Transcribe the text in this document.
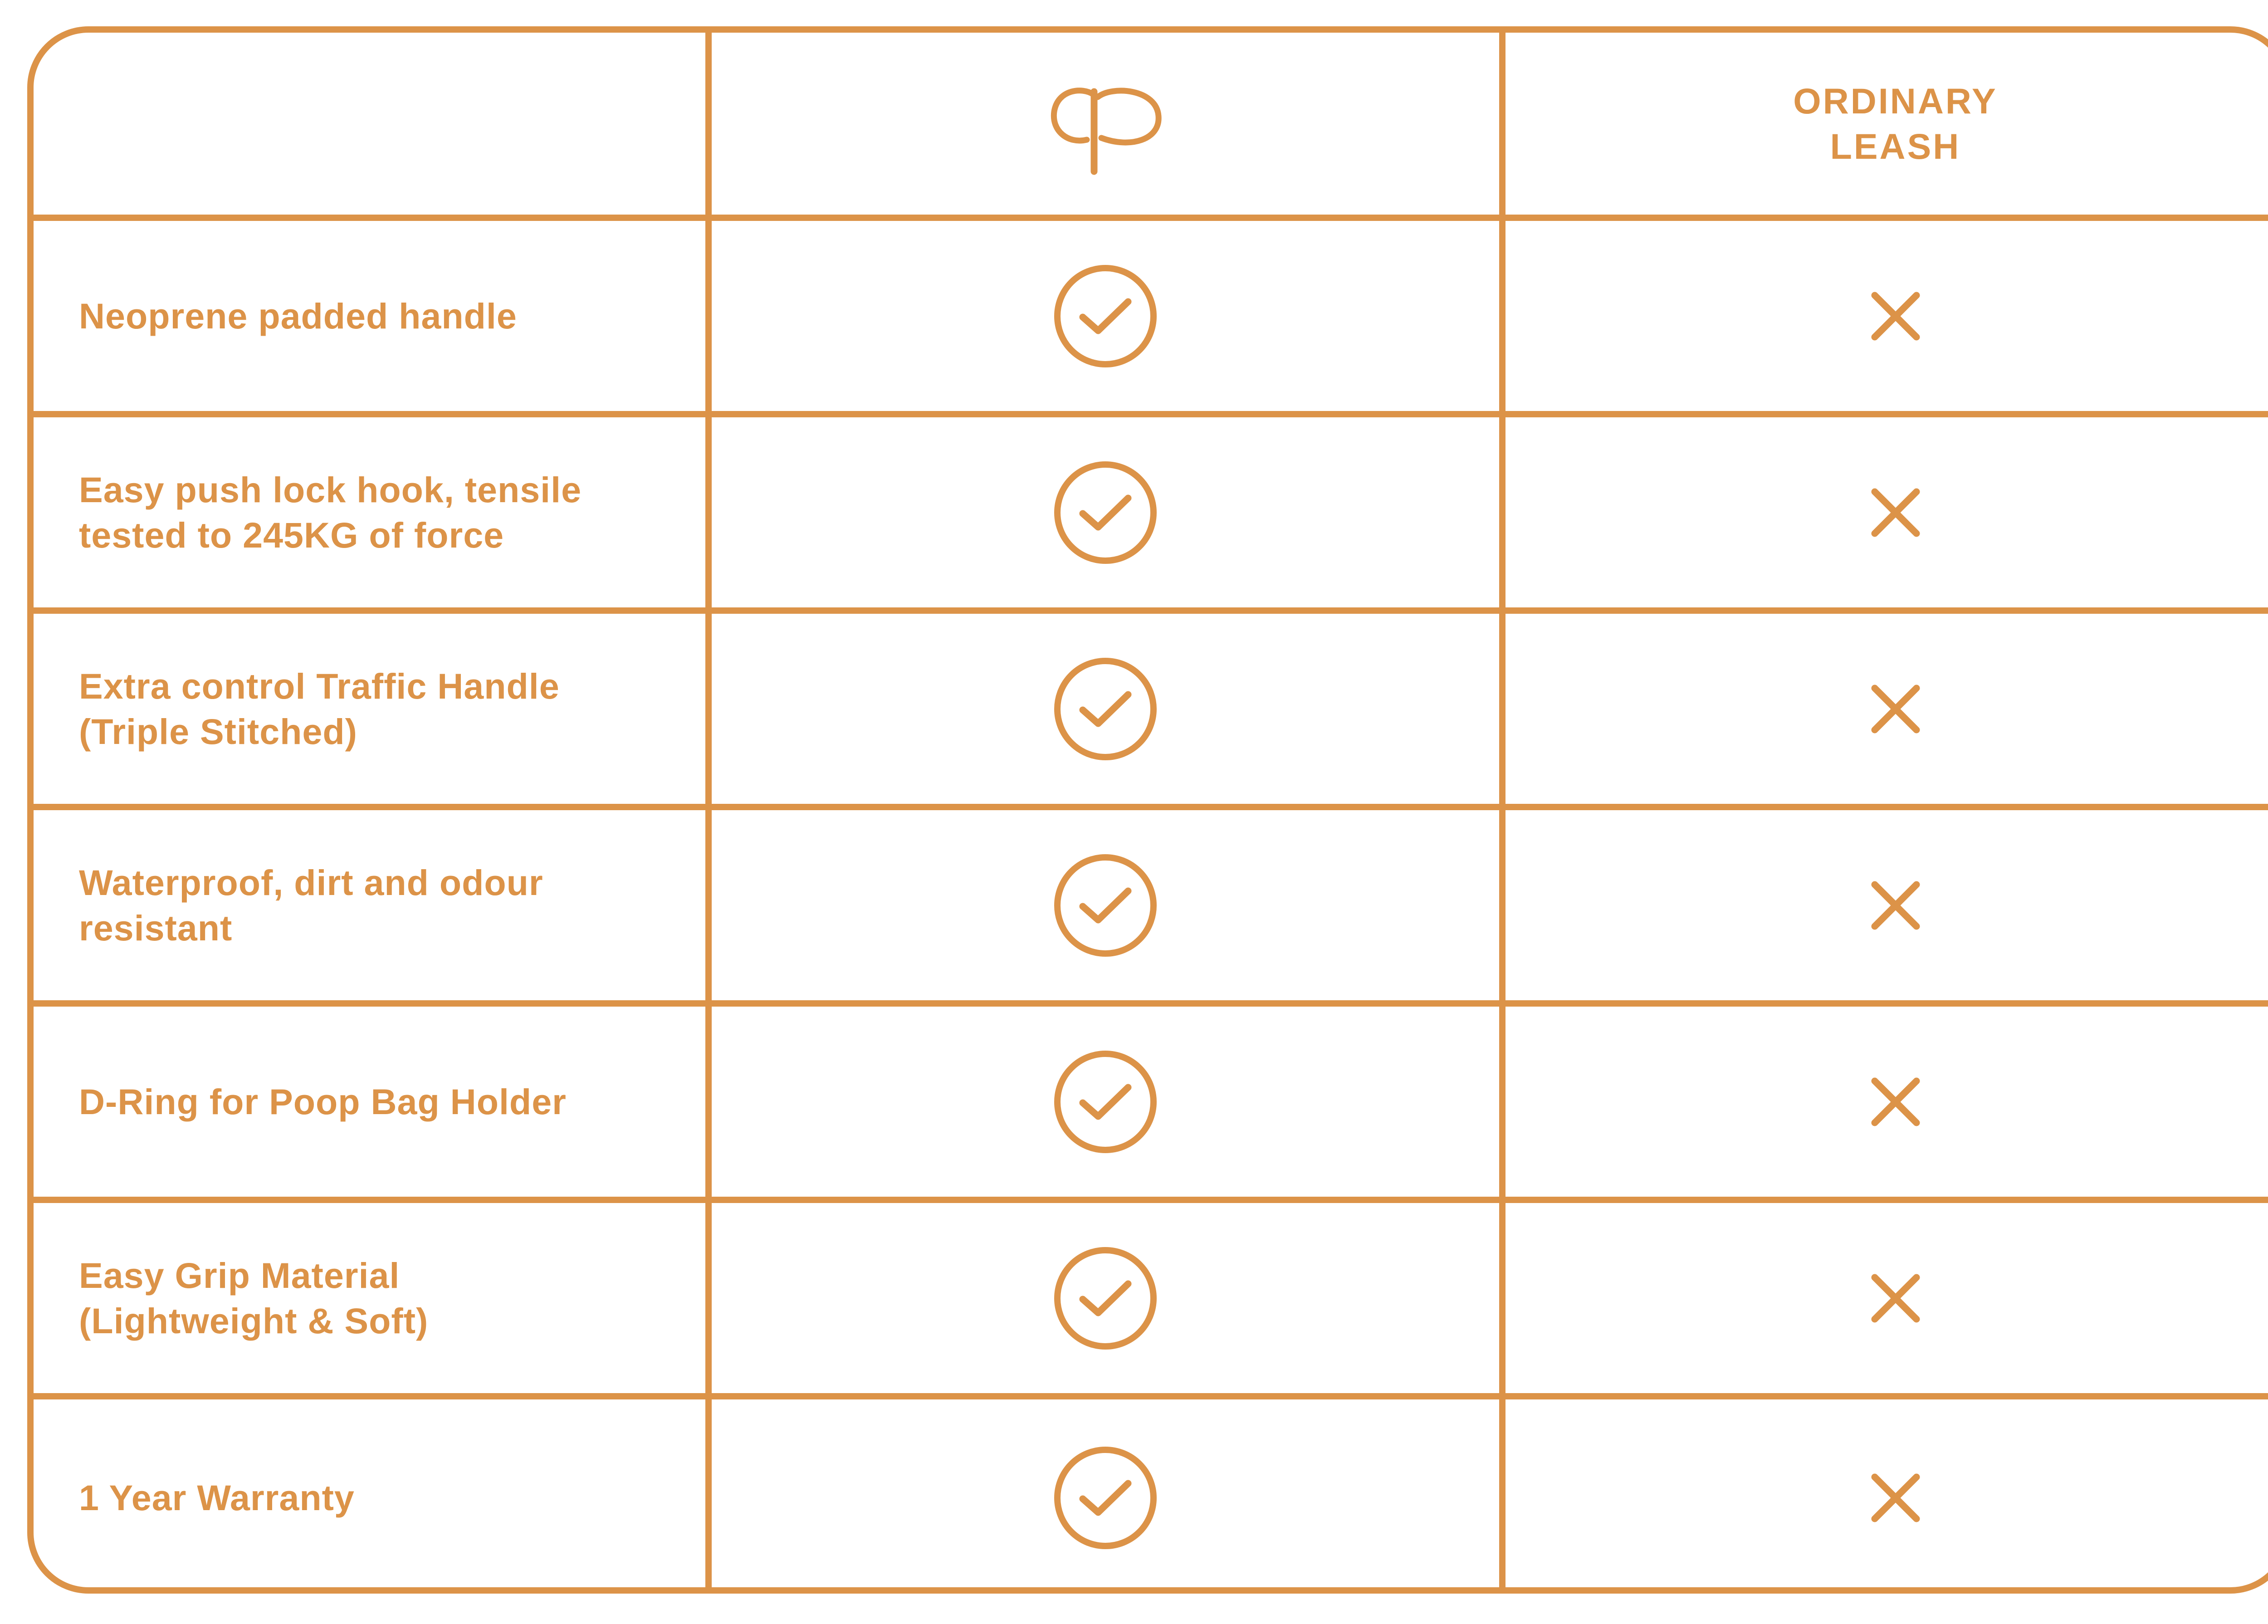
ORDINARY
LEASH
Neoprene padded handle
Easy push lock hook, tensile
tested to 245KG of force
Extra control Traffic Handle
(Triple Stitched)
Waterproof, dirt and odour
resistant
D-Ring for Poop Bag Holder
Easy Grip Material
(Lightweight & Soft)
1 Year Warranty
